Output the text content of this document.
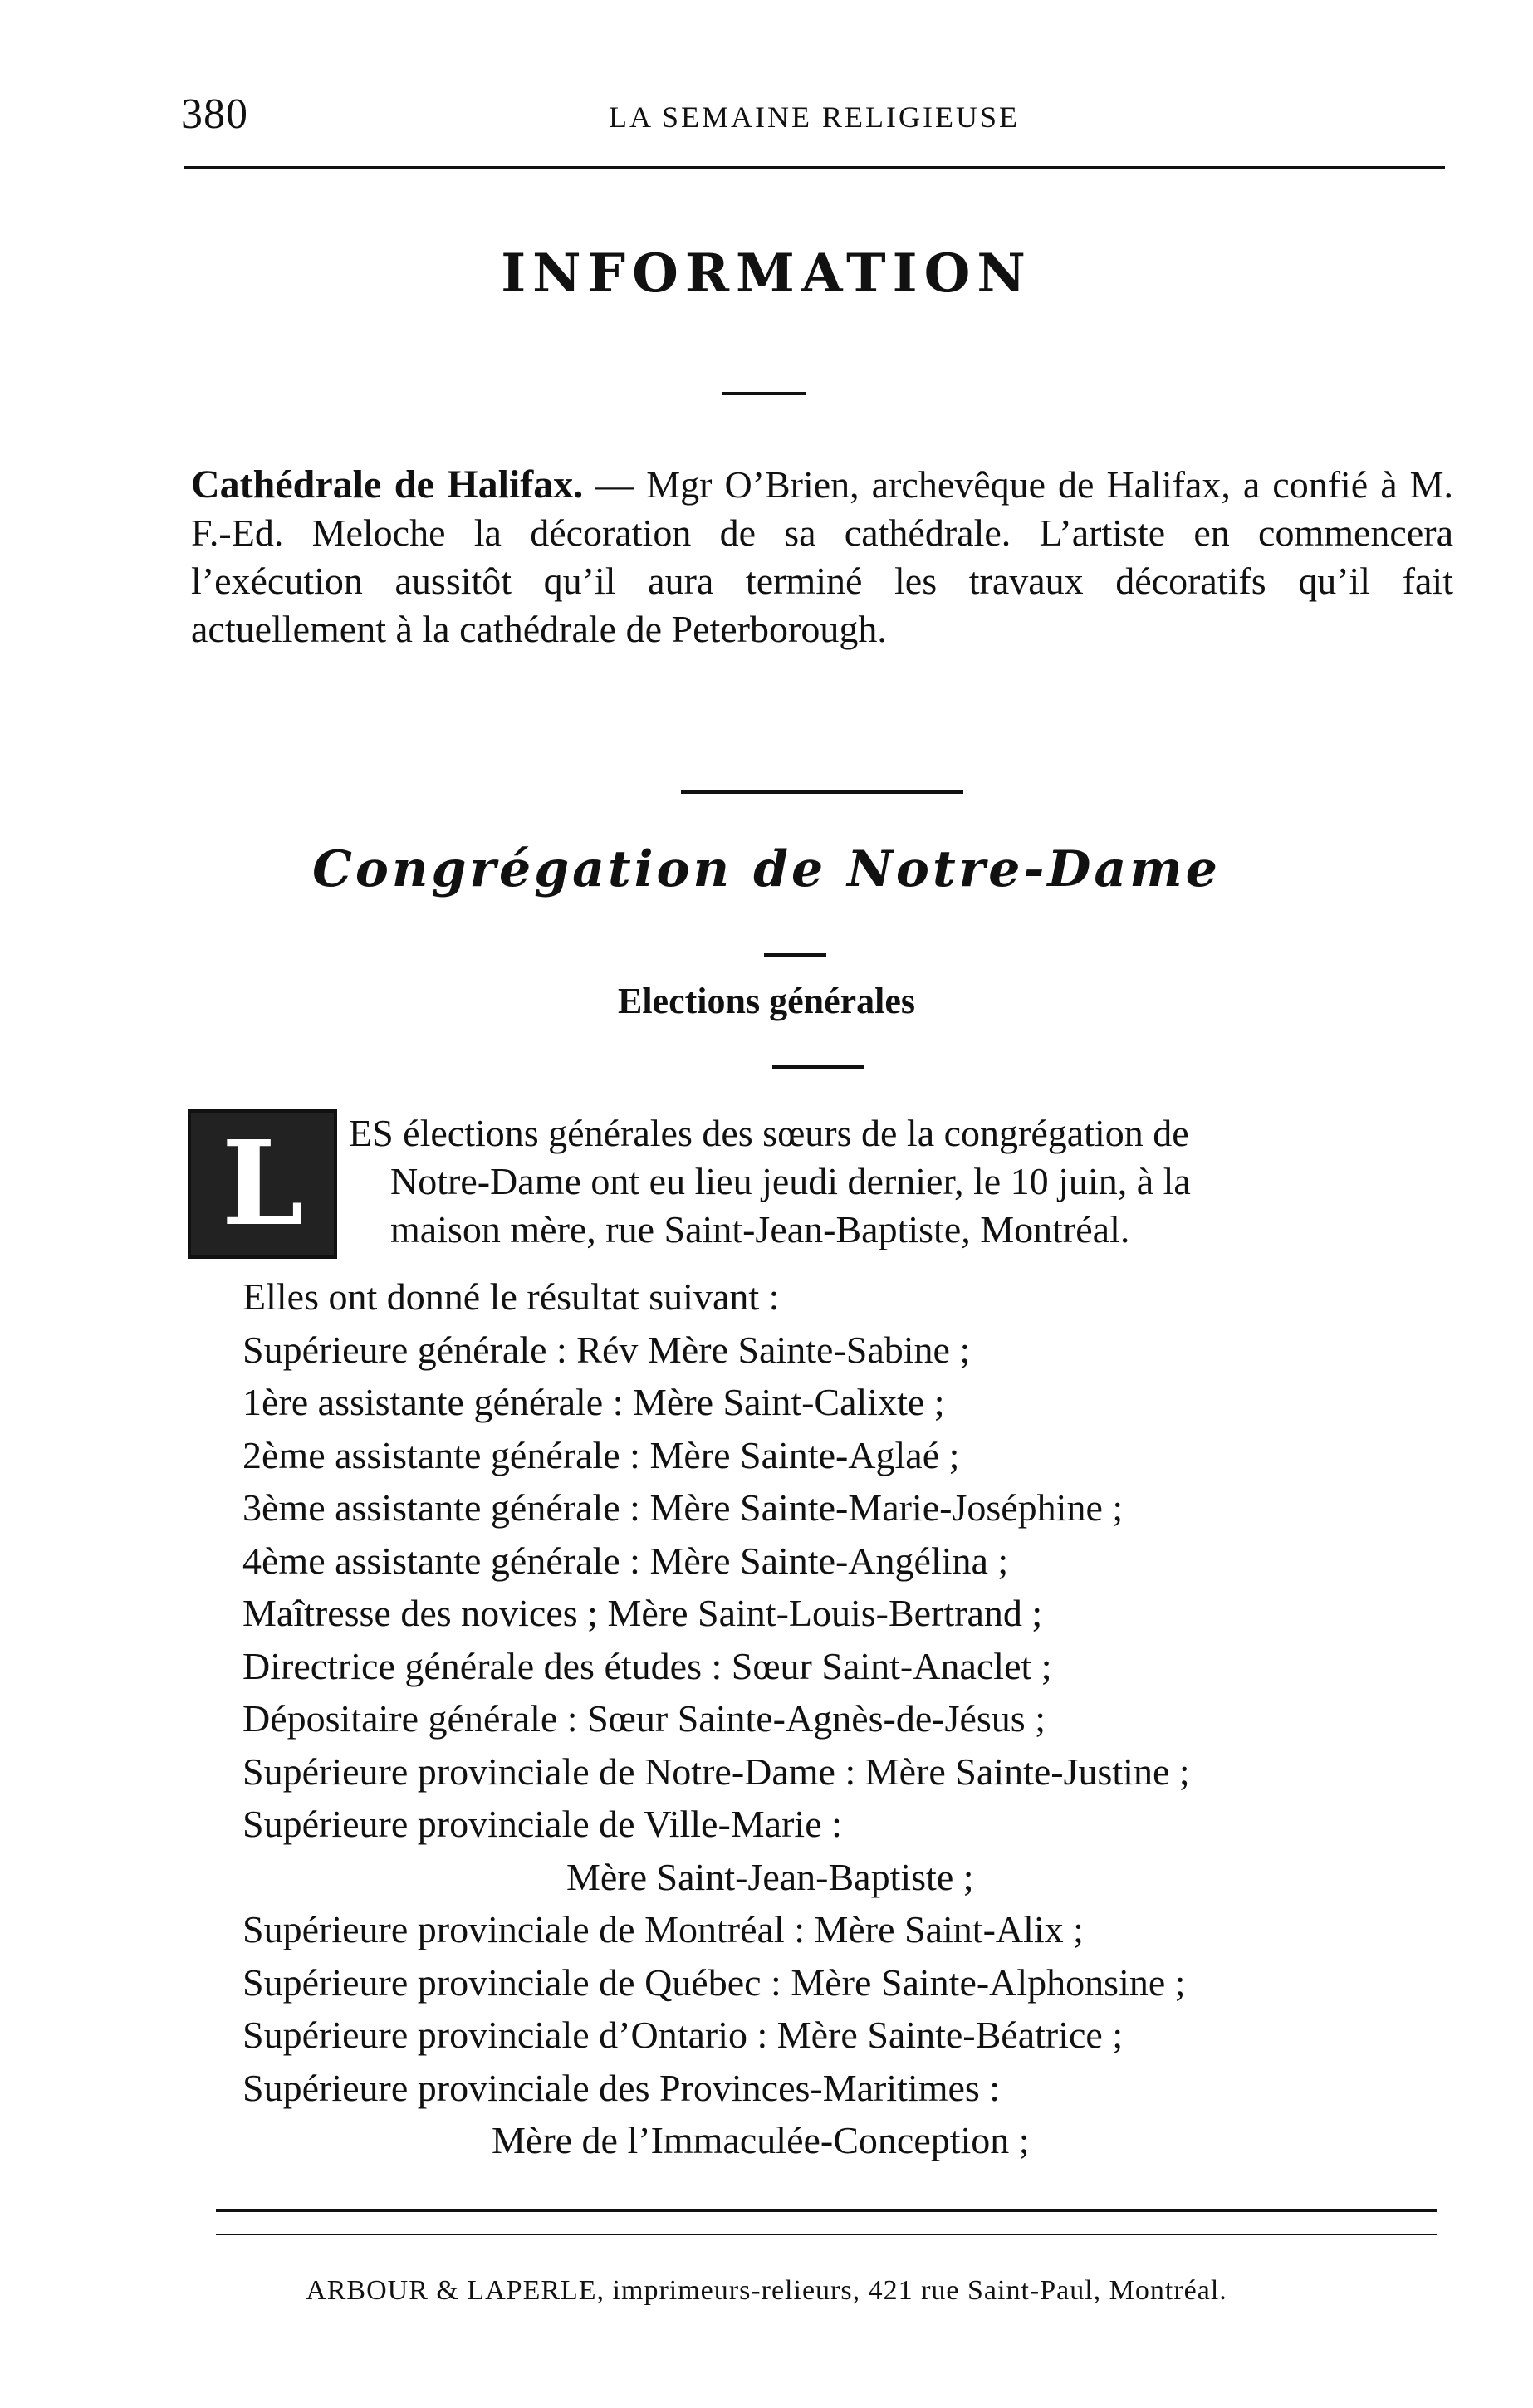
380	LA SEMAINE RELIGIEUSE
INFORMATION
Cathédrale de Halifax. — Mgr O’Brien, archevêque de Halifax, a confié à M. F.-Ed. Meloche la décoration de sa cathédrale. L’artiste en commencera l’exécution aussitôt qu’il aura terminé les travaux décoratifs qu’il fait actuellement à la cathédrale de Peterborough.
Congrégation de Notre-Dame
Elections générales
L	ES élections générales des sœurs de la congrégation de
Notre-Dame ont eu lieu jeudi dernier, le 10 juin, à la
maison mère, rue Saint-Jean-Baptiste, Montréal.
Elles ont donné le résultat suivant :
Supérieure générale : Rév Mère Sainte-Sabine ;
1ère assistante générale : Mère Saint-Calixte ;
2ème assistante générale : Mère Sainte-Aglaé ;
3ème assistante générale : Mère Sainte-Marie-Joséphine ;
4ème assistante générale : Mère Sainte-Angélina ;
Maîtresse des novices ; Mère Saint-Louis-Bertrand ;
Directrice générale des études : Sœur Saint-Anaclet ;
Dépositaire générale : Sœur Sainte-Agnès-de-Jésus ;
Supérieure provinciale de Notre-Dame : Mère Sainte-Justine ;
Supérieure provinciale de Ville-Marie :
Mère Saint-Jean-Baptiste ;
Supérieure provinciale de Montréal : Mère Saint-Alix ;
Supérieure provinciale de Québec : Mère Sainte-Alphonsine ;
Supérieure provinciale d’Ontario : Mère Sainte-Béatrice ;
Supérieure provinciale des Provinces-Maritimes :
Mère de l’Immaculée-Conception ;
ARBOUR & LAPERLE, imprimeurs-relieurs, 421 rue Saint-Paul, Montréal.
